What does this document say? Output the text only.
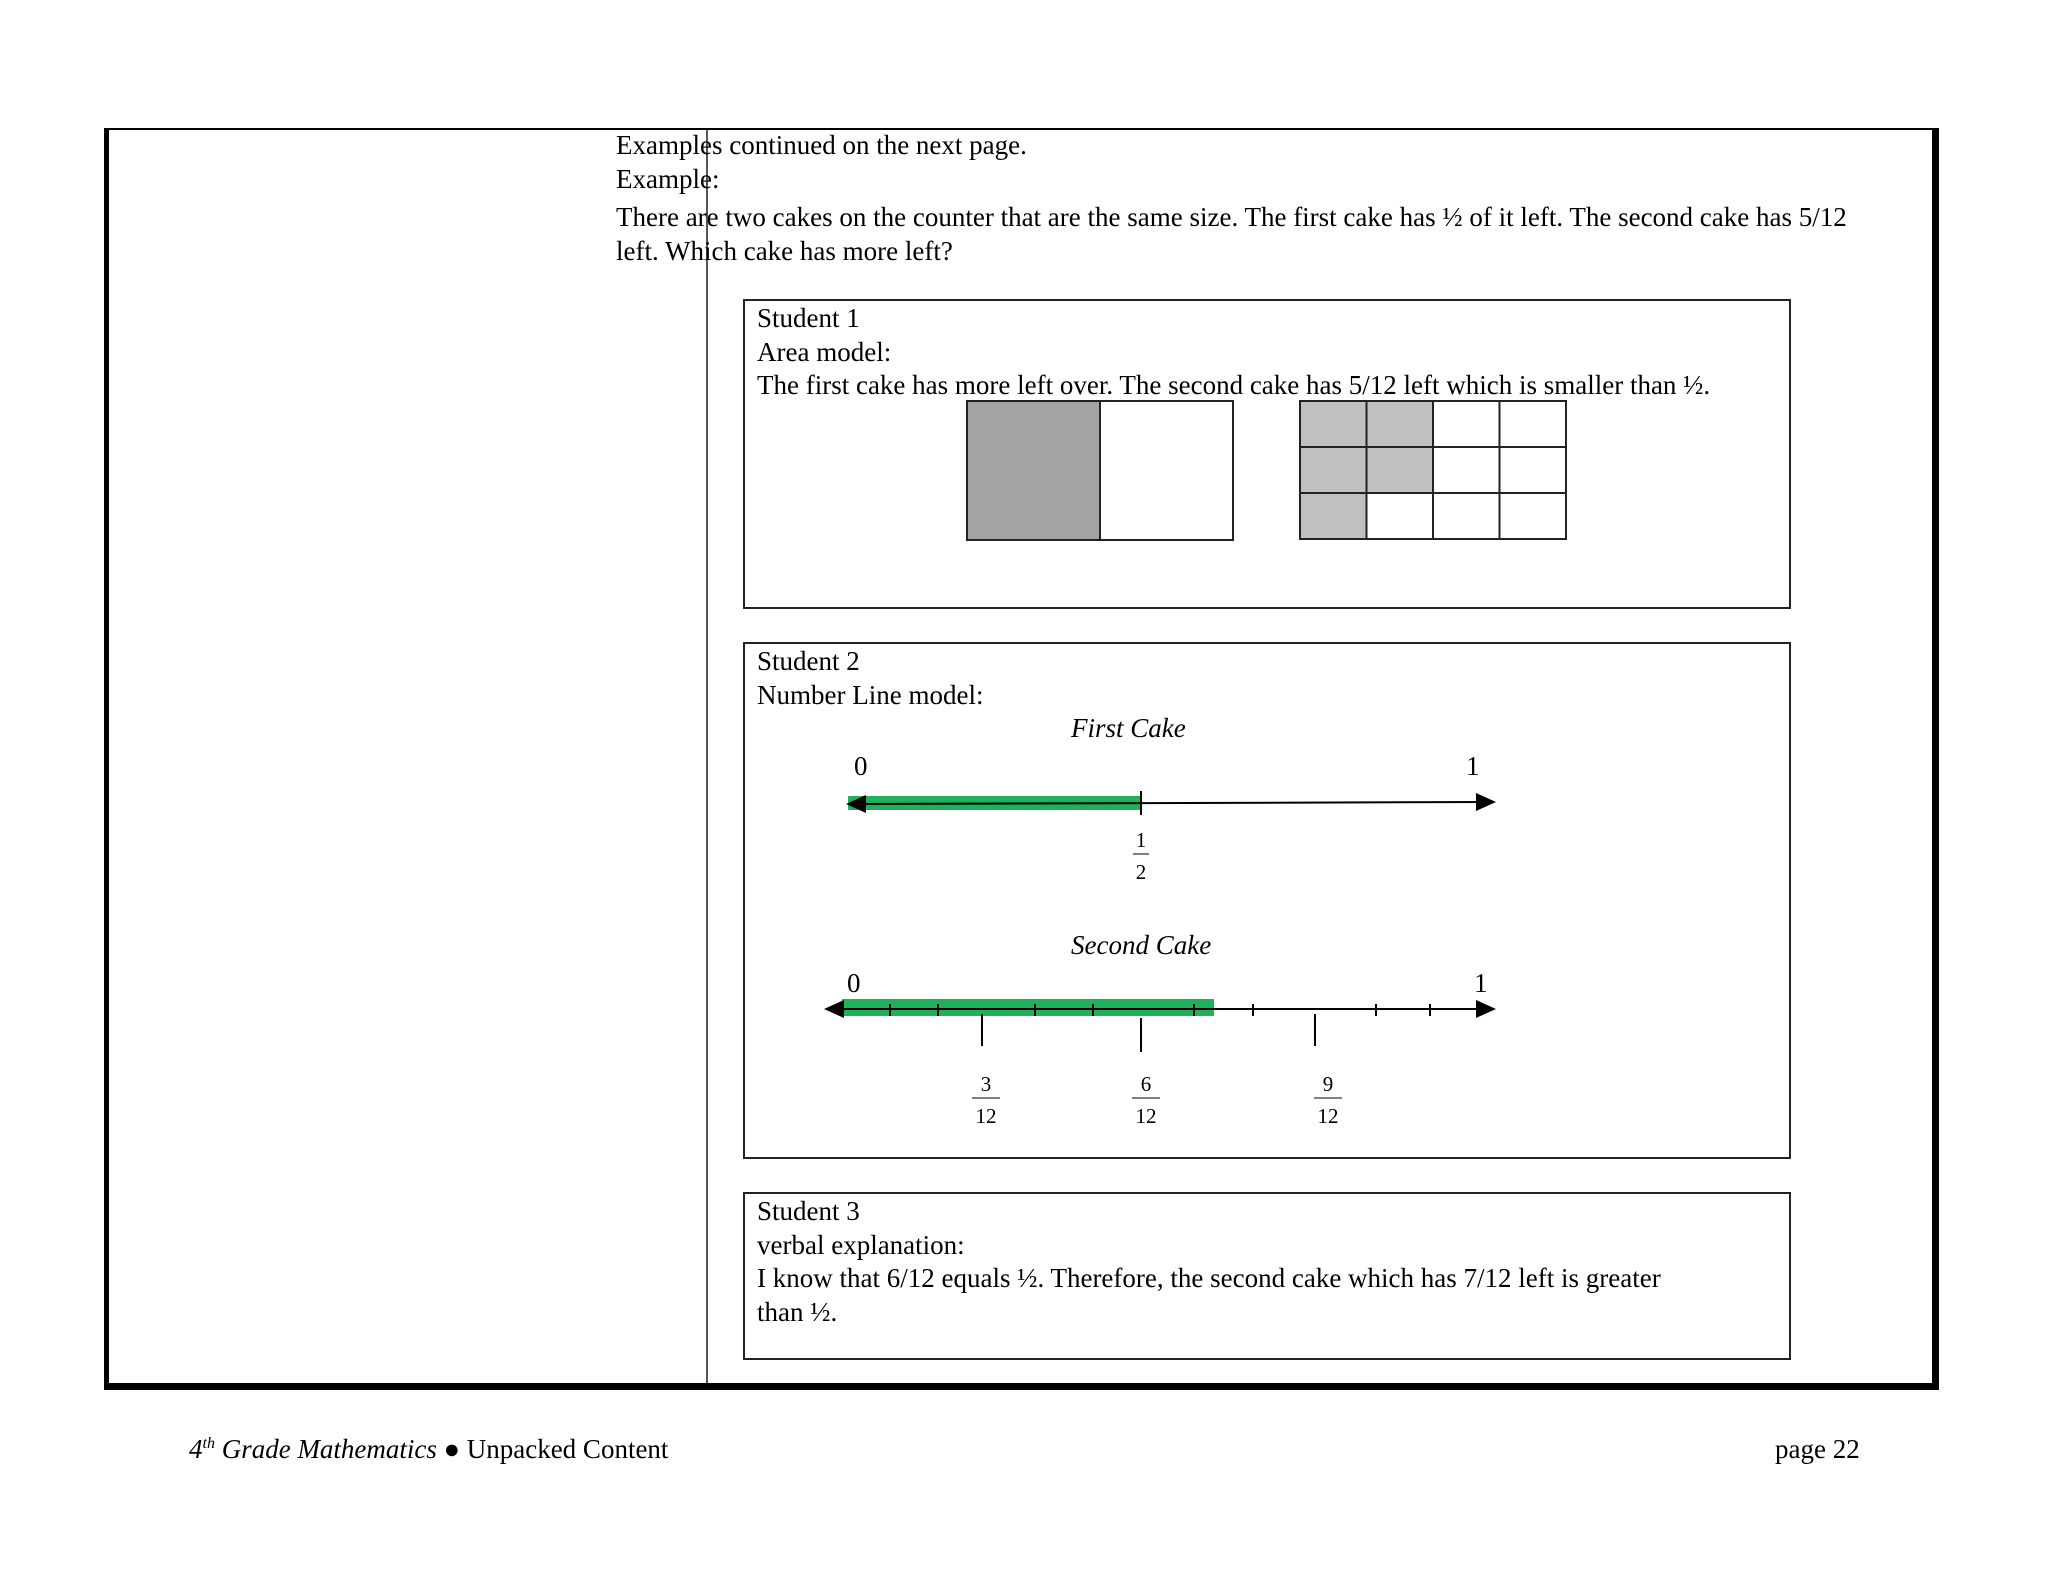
Examples continued on the next page.
Example:
There are two cakes on the counter that are the same size. The first cake has ½ of it left. The second cake has 5/12
left. Which cake has more left?
Student 1
Area model:
The first cake has more left over. The second cake has 5/12 left which is smaller than ½.
Student 2
Number Line model:
First Cake
0	1
1
2
Second Cake
0	1
3
12
6
12
9
12
Student 3
verbal explanation:
I know that 6/12 equals ½. Therefore, the second cake which has 7/12 left is greater
than ½.
4th Grade Mathematics ● Unpacked Content	page 22
